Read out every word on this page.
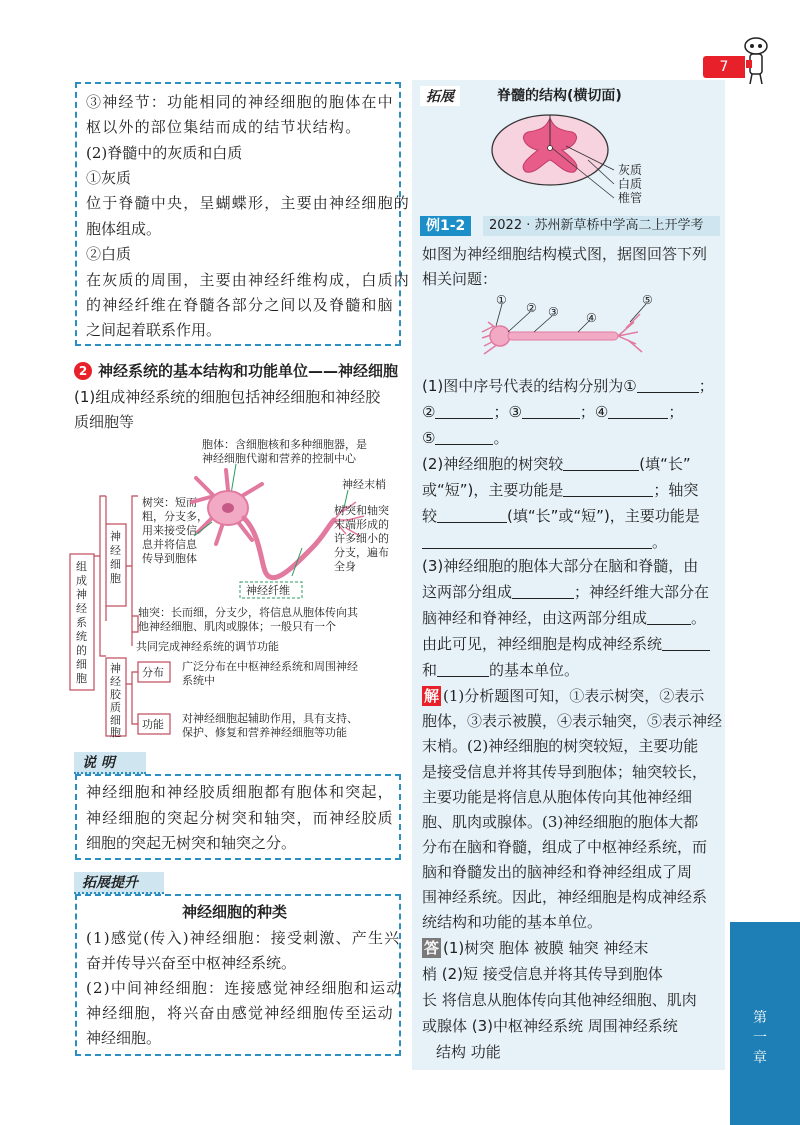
7
③神经节：功能相同的神经细胞的胞体在中
枢以外的部位集结而成的结节状结构。
(2)脊髓中的灰质和白质
①灰质
位于脊髓中央，呈蝴蝶形，主要由神经细胞的
胞体组成。
②白质
在灰质的周围，主要由神经纤维构成，白质内
的神经纤维在脊髓各部分之间以及脊髓和脑
之间起着联系作用。
2 神经系统的基本结构和功能单位——神经细胞
(1)组成神经系统的细胞包括神经细胞和神经胶
质细胞等
组
成
神
经
系
统
的
细
胞
神
经
细
胞
神
经
胶
质
细
胞
树突：短而
粗，分支多，
用来接受信
息并将信息
传导到胞体
胞体：含细胞核和多种细胞器，是
神经细胞代谢和营养的控制中心
神经末梢
树突和轴突
末端形成的
许多细小的
分支，遍布
全身
神经纤维
轴突：长而细，分支少，将信息从胞体传向其
他神经细胞、肌肉或腺体；一般只有一个
共同完成神经系统的调节功能
分布 广泛分布在中枢神经系统和周围神经
系统中
功能 对神经细胞起辅助作用，具有支持、
保护、修复和营养神经细胞等功能
说 明
神经细胞和神经胶质细胞都有胞体和突起，
神经细胞的突起分树突和轴突，而神经胶质
细胞的突起无树突和轴突之分。
拓展提升
神经细胞的种类
(1)感觉(传入)神经细胞：接受刺激、产生兴
奋并传导兴奋至中枢神经系统。
(2)中间神经细胞：连接感觉神经细胞和运动
神经细胞，将兴奋由感觉神经细胞传至运动
神经细胞。
拓展	脊髓的结构(横切面)
灰质
白质
椎管
例1-2	2022 · 苏州新草桥中学高二上开学考
如图为神经细胞结构模式图，据图回答下列
相关问题：
①
② ③ ④
⑤
(1)图中序号代表的结构分别为①	；
②	；③	；④	；
⑤	。
(2)神经细胞的树突较	(填“长”
或“短”)，主要功能是	；轴突
较	(填“长”或“短”)，主要功能是
。
(3)神经细胞的胞体大部分在脑和脊髓，由
这两部分组成	；神经纤维大部分在
脑神经和脊神经，由这两部分组成	。
由此可见，神经细胞是构成神经系统
和	的基本单位。
解 (1)分析题图可知，①表示树突，②表示
胞体，③表示被膜，④表示轴突，⑤表示神经
末梢。(2)神经细胞的树突较短，主要功能
是接受信息并将其传导到胞体；轴突较长，
主要功能是将信息从胞体传向其他神经细
胞、肌肉或腺体。(3)神经细胞的胞体大都
分布在脑和脊髓，组成了中枢神经系统，而
脑和脊髓发出的脑神经和脊神经组成了周
围神经系统。因此，神经细胞是构成神经系
统结构和功能的基本单位。
答 (1)树突 胞体 被膜 轴突 神经末
梢 (2)短 接受信息并将其传导到胞体
长 将信息从胞体传向其他神经细胞、肌肉
或腺体 (3)中枢神经系统 周围神经系统
结构 功能
第一章
